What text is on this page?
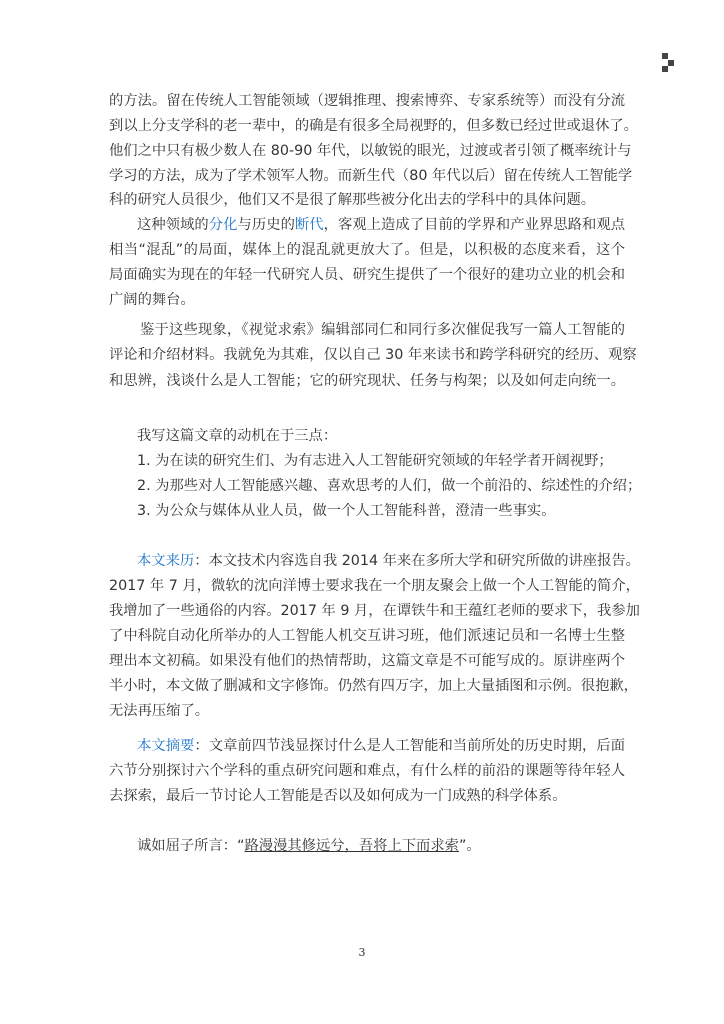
的方法。留在传统人工智能领域（逻辑推理、搜索博弈、专家系统等）而没有分流
到以上分支学科的老一辈中，的确是有很多全局视野的，但多数已经过世或退休了。
他们之中只有极少数人在 80-90 年代，以敏锐的眼光，过渡或者引领了概率统计与
学习的方法，成为了学术领军人物。而新生代（80 年代以后）留在传统人工智能学
科的研究人员很少，他们又不是很了解那些被分化出去的学科中的具体问题。
这种领域的分化与历史的断代，客观上造成了目前的学界和产业界思路和观点
相当“混乱”的局面，媒体上的混乱就更放大了。但是，以积极的态度来看，这个
局面确实为现在的年轻一代研究人员、研究生提供了一个很好的建功立业的机会和
广阔的舞台。
鉴于这些现象，《视觉求索》编辑部同仁和同行多次催促我写一篇人工智能的
评论和介绍材料。我就免为其难，仅以自己 30 年来读书和跨学科研究的经历、观察
和思辨，浅谈什么是人工智能；它的研究现状、任务与构架；以及如何走向统一。
我写这篇文章的动机在于三点：
1. 为在读的研究生们、为有志进入人工智能研究领域的年轻学者开阔视野；
2. 为那些对人工智能感兴趣、喜欢思考的人们，做一个前沿的、综述性的介绍；
3. 为公众与媒体从业人员，做一个人工智能科普，澄清一些事实。
本文来历：本文技术内容选自我 2014 年来在多所大学和研究所做的讲座报告。
2017 年 7 月，微软的沈向洋博士要求我在一个朋友聚会上做一个人工智能的简介，
我增加了一些通俗的内容。2017 年 9 月，在谭铁牛和王蕴红老师的要求下，我参加
了中科院自动化所举办的人工智能人机交互讲习班，他们派速记员和一名博士生整
理出本文初稿。如果没有他们的热情帮助，这篇文章是不可能写成的。原讲座两个
半小时，本文做了删减和文字修饰。仍然有四万字，加上大量插图和示例。很抱歉，
无法再压缩了。
本文摘要：文章前四节浅显探讨什么是人工智能和当前所处的历史时期，后面
六节分别探讨六个学科的重点研究问题和难点，有什么样的前沿的课题等待年轻人
去探索，最后一节讨论人工智能是否以及如何成为一门成熟的科学体系。
诚如屈子所言：“路漫漫其修远兮，吾将上下而求索”。
3
